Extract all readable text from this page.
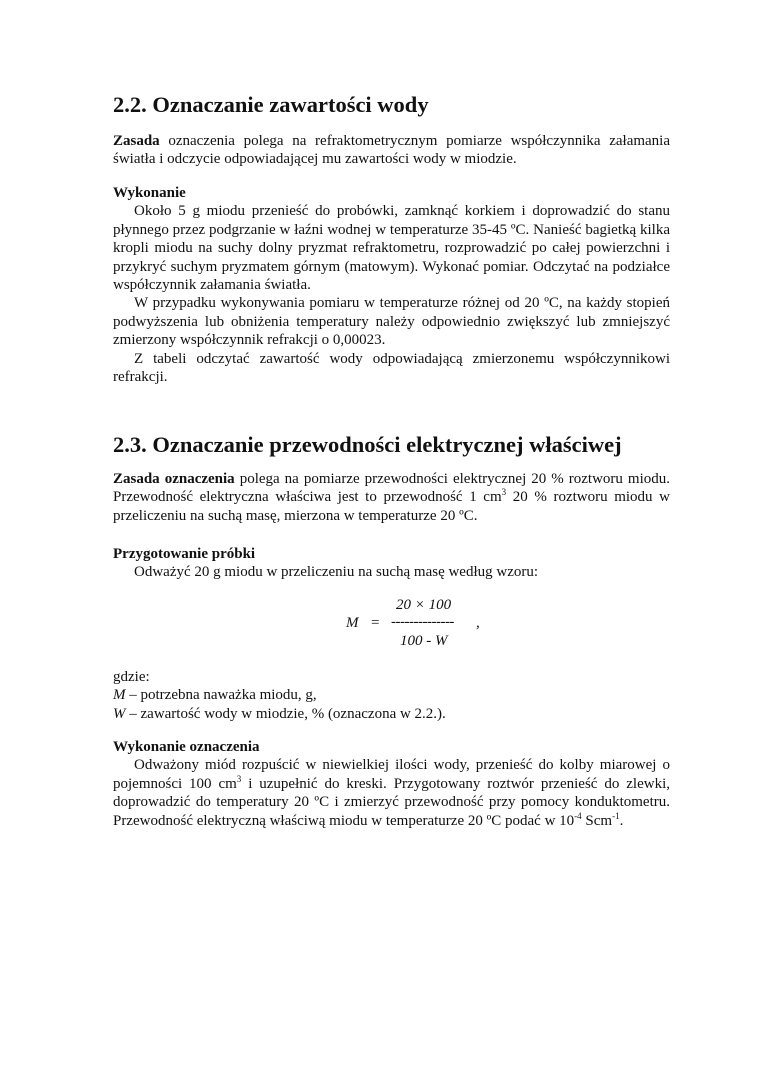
2.2. Oznaczanie zawartości wody
Zasada oznaczenia polega na refraktometrycznym pomiarze współczynnika załamania światła i odczycie odpowiadającej mu zawartości wody w miodzie.

Wykonanie

Około 5 g miodu przenieść do probówki, zamknąć korkiem i doprowadzić do stanu płynnego przez podgrzanie w łaźni wodnej w temperaturze 35-45 ºC. Nanieść bagietką kilka kropli miodu na suchy dolny pryzmat refraktometru, rozprowadzić po całej powierzchni i przykryć suchym pryzmatem górnym (matowym). Wykonać pomiar. Odczytać na podziałce współczynnik załamania światła.

W przypadku wykonywania pomiaru w temperaturze różnej od 20 ºC, na każdy stopień podwyższenia lub obniżenia temperatury należy odpowiednio zwiększyć lub zmniejszyć zmierzony współczynnik refrakcji o 0,00023.

Z tabeli odczytać zawartość wody odpowiadającą zmierzonemu współczynnikowi refrakcji.

2.3. Oznaczanie przewodności elektrycznej właściwej
Zasada oznaczenia polega na pomiarze przewodności elektrycznej 20 % roztworu miodu. Przewodność elektryczna właściwa jest to przewodność 1 $cm^3$ 20 % roztworu miodu w przeliczeniu na suchą masę, mierzona w temperaturze 20 ºC.

Przygotowanie próbki

Odważyć 20 g miodu w przeliczeniu na suchą masę według wzoru:

20 × 100
M = -------------- ,
100 - W

gdzie:

M – potrzebna naważka miodu, g,

W – zawartość wody w miodzie, % (oznaczona w 2.2.).

Wykonanie oznaczenia

Odważony miód rozpuścić w niewielkiej ilości wody, przenieść do kolby miarowej o pojemności 100 $cm^3$ i uzupełnić do kreski. Przygotowany roztwór przenieść do zlewki, doprowadzić do temperatury 20 ºC i zmierzyć przewodność przy pomocy konduktometru. Przewodność elektryczną właściwą miodu w temperaturze 20 ºC podać w $10^{-4}$ Scm$^{-1}$.
